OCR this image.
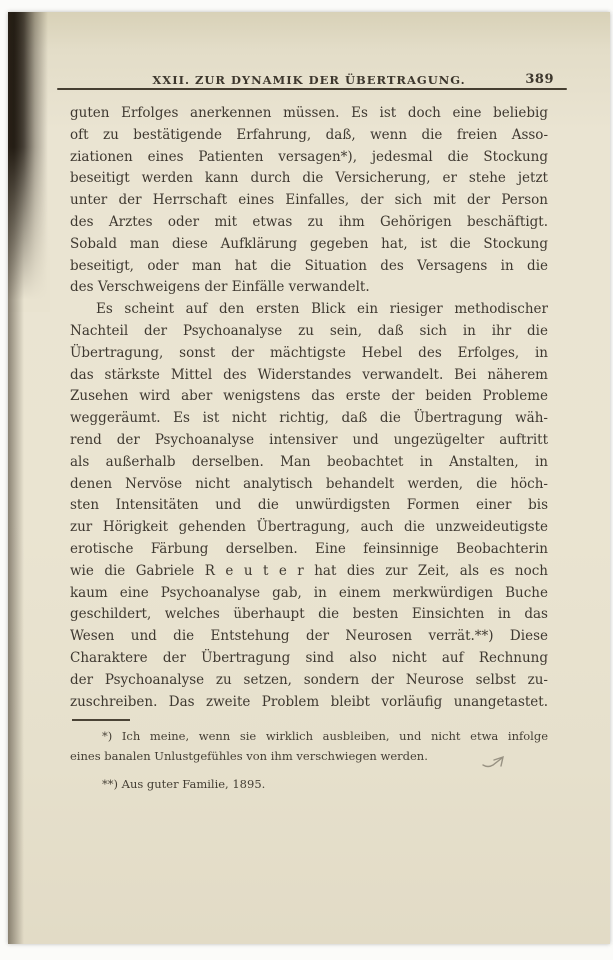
XXII. ZUR DYNAMIK DER ÜBERTRAGUNG.	389
guten Erfolges anerkennen müssen. Es ist doch eine beliebig
oft zu bestätigende Erfahrung, daß, wenn die freien Asso-
ziationen eines Patienten versagen*), jedesmal die Stockung
beseitigt werden kann durch die Versicherung, er stehe jetzt
unter der Herrschaft eines Einfalles, der sich mit der Person
des Arztes oder mit etwas zu ihm Gehörigen beschäftigt.
Sobald man diese Aufklärung gegeben hat, ist die Stockung
beseitigt, oder man hat die Situation des Versagens in die
des Verschweigens der Einfälle verwandelt.
Es scheint auf den ersten Blick ein riesiger methodischer
Nachteil der Psychoanalyse zu sein, daß sich in ihr die
Übertragung, sonst der mächtigste Hebel des Erfolges, in
das stärkste Mittel des Widerstandes verwandelt. Bei näherem
Zusehen wird aber wenigstens das erste der beiden Probleme
weggeräumt. Es ist nicht richtig, daß die Übertragung wäh-
rend der Psychoanalyse intensiver und ungezügelter auftritt
als außerhalb derselben. Man beobachtet in Anstalten, in
denen Nervöse nicht analytisch behandelt werden, die höch-
sten Intensitäten und die unwürdigsten Formen einer bis
zur Hörigkeit gehenden Übertragung, auch die unzweideutigste
erotische Färbung derselben. Eine feinsinnige Beobachterin
wie die Gabriele R e u t e r hat dies zur Zeit, als es noch
kaum eine Psychoanalyse gab, in einem merkwürdigen Buche
geschildert, welches überhaupt die besten Einsichten in das
Wesen und die Entstehung der Neurosen verrät.**) Diese
Charaktere der Übertragung sind also nicht auf Rechnung
der Psychoanalyse zu setzen, sondern der Neurose selbst zu-
zuschreiben. Das zweite Problem bleibt vorläufig unangetastet.
*) Ich meine, wenn sie wirklich ausbleiben, und nicht etwa infolge
eines banalen Unlustgefühles von ihm verschwiegen werden.
**) Aus guter Familie, 1895.
